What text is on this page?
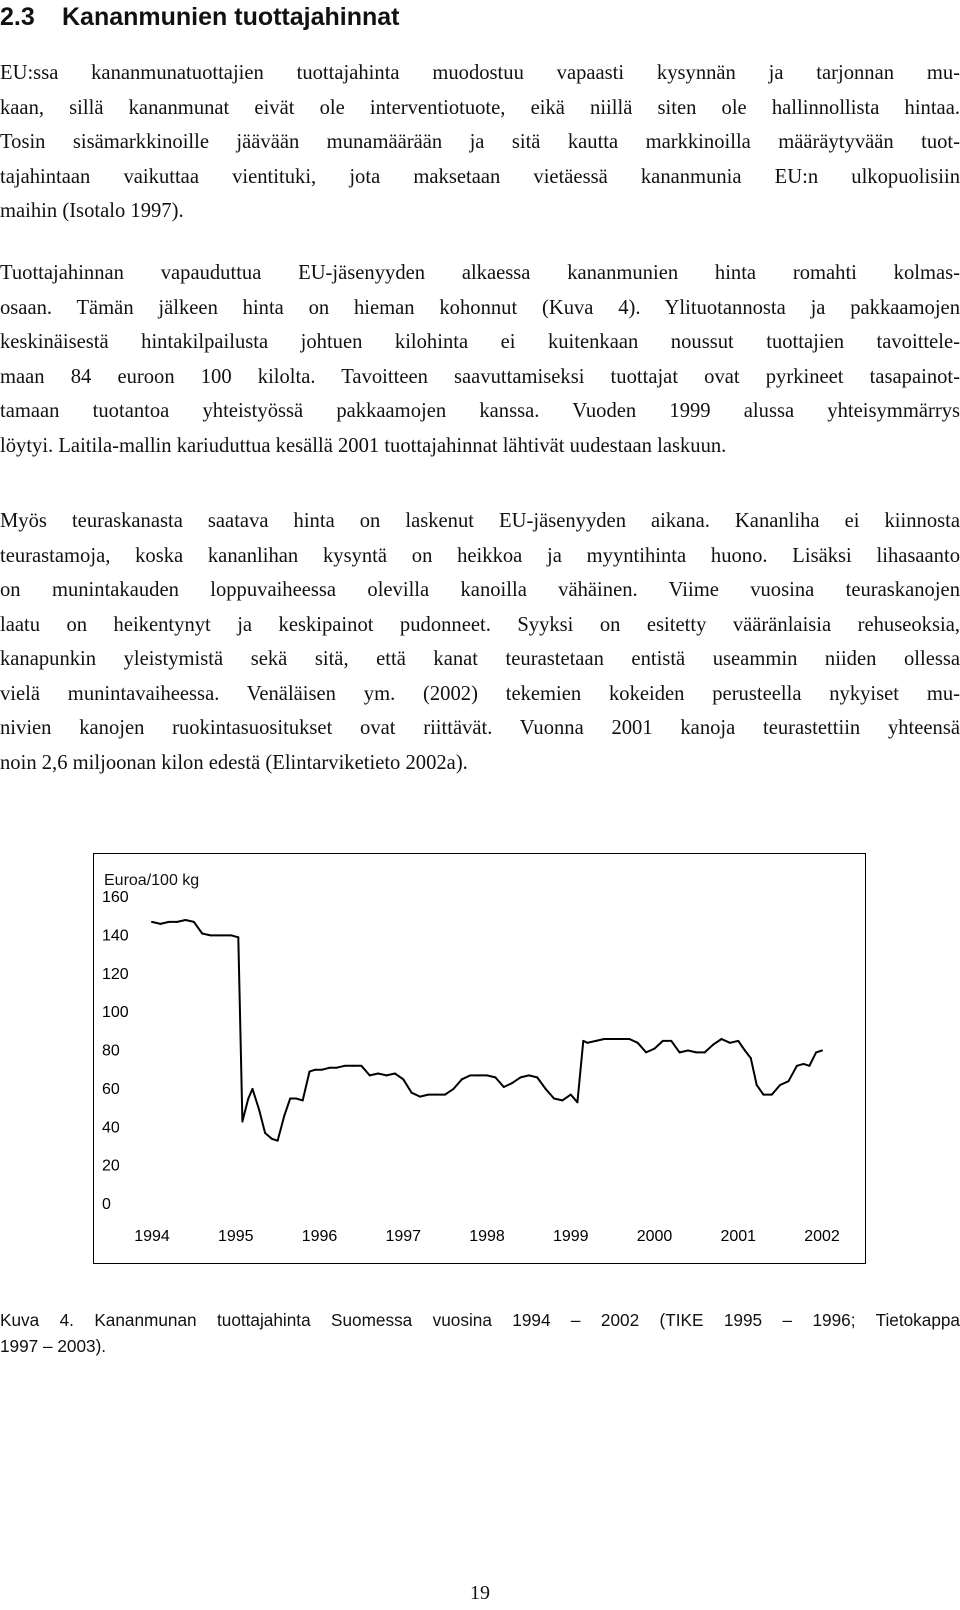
2.3 Kananmunien tuottajahinnat
EU:ssa kananmunatuottajien tuottajahinta muodostuu vapaasti kysynnän ja tarjonnan mu-
kaan, sillä kananmunat eivät ole interventiotuote, eikä niillä siten ole hallinnollista hintaa.
Tosin sisämarkkinoille jäävään munamäärään ja sitä kautta markkinoilla määräytyvään tuot-
tajahintaan vaikuttaa vientituki, jota maksetaan vietäessä kananmunia EU:n ulkopuolisiin
maihin (Isotalo 1997).
Tuottajahinnan vapauduttua EU-jäsenyyden alkaessa kananmunien hinta romahti kolmas-
osaan. Tämän jälkeen hinta on hieman kohonnut (Kuva 4). Ylituotannosta ja pakkaamojen
keskinäisestä hintakilpailusta johtuen kilohinta ei kuitenkaan noussut tuottajien tavoittele-
maan 84 euroon 100 kilolta. Tavoitteen saavuttamiseksi tuottajat ovat pyrkineet tasapainot-
tamaan tuotantoa yhteistyössä pakkaamojen kanssa. Vuoden 1999 alussa yhteisymmärrys
löytyi. Laitila-mallin kariuduttua kesällä 2001 tuottajahinnat lähtivät uudestaan laskuun.
Myös teuraskanasta saatava hinta on laskenut EU-jäsenyyden aikana. Kananliha ei kiinnosta
teurastamoja, koska kananlihan kysyntä on heikkoa ja myyntihinta huono. Lisäksi lihasaanto
on munintakauden loppuvaiheessa olevilla kanoilla vähäinen. Viime vuosina teuraskanojen
laatu on heikentynyt ja keskipainot pudonneet. Syyksi on esitetty vääränlaisia rehuseoksia,
kanapunkin yleistymistä sekä sitä, että kanat teurastetaan entistä useammin niiden ollessa
vielä munintavaiheessa. Venäläisen ym. (2002) tekemien kokeiden perusteella nykyiset mu-
nivien kanojen ruokintasuositukset ovat riittävät. Vuonna 2001 kanoja teurastettiin yhteensä
noin 2,6 miljoonan kilon edestä (Elintarviketieto 2002a).
Euroa/100 kg
160
140
120
100
80
60
40
20
0
1994	1995	1996	1997	1998	1999	2000	2001	2002
Kuva 4. Kananmunan tuottajahinta Suomessa vuosina 1994 – 2002 (TIKE 1995 – 1996; Tietokappa
1997 – 2003).
19
